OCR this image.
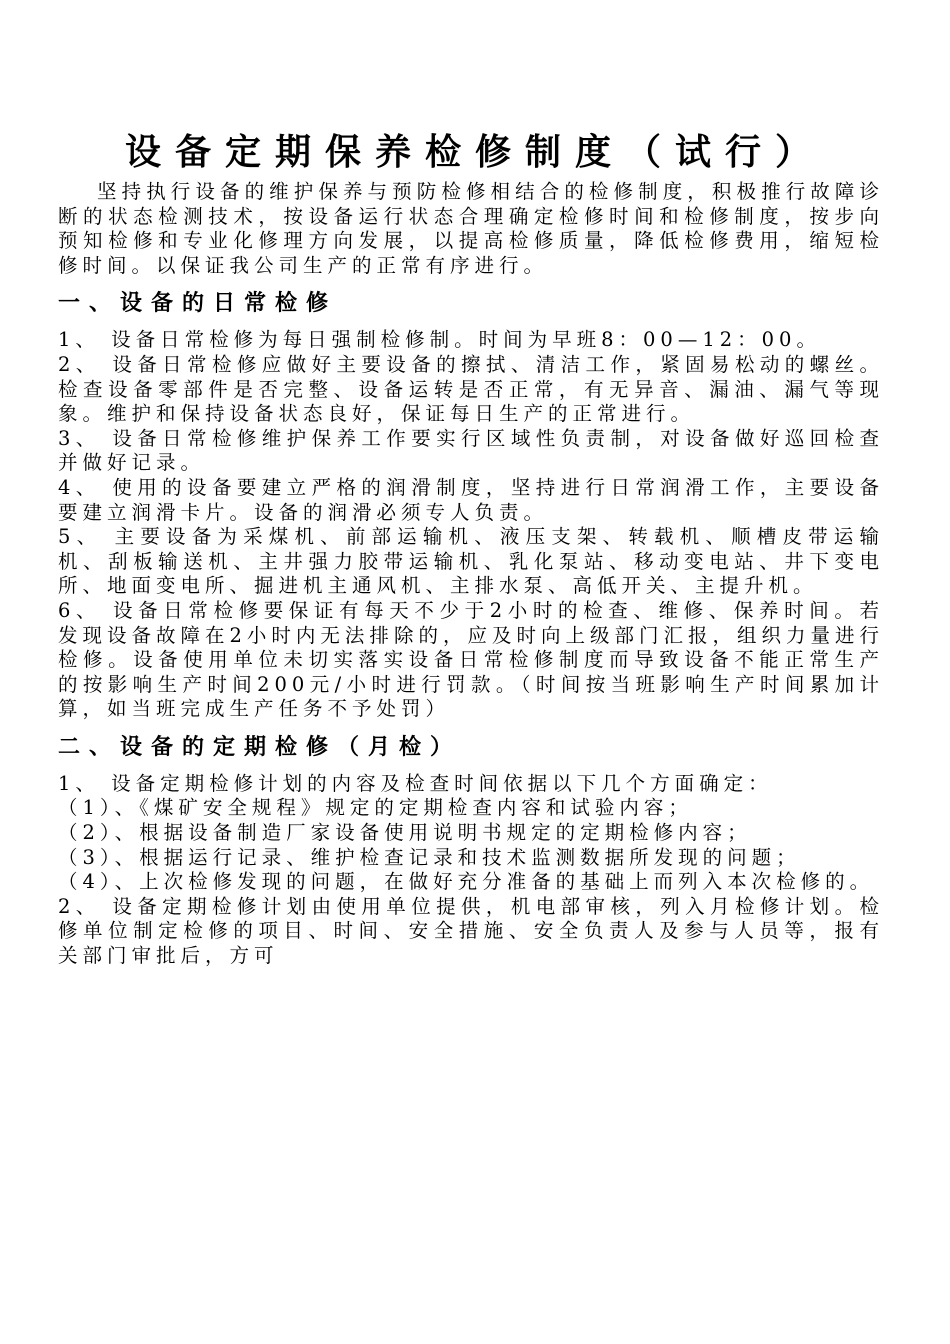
设备定期保养检修制度（试行）

坚持执行设备的维护保养与预防检修相结合的检修制度，积极推行故障诊断的状态检测技术，按设备运行状态合理确定检修时间和检修制度，按步向预知检修和专业化修理方向发展，以提高检修质量，降低检修费用，缩短检修时间。以保证我公司生产的正常有序进行。

一、设备的日常检修

1、 设备日常检修为每日强制检修制。时间为早班8：00—12：00。

2、 设备日常检修应做好主要设备的擦拭、清洁工作，紧固易松动的螺丝。检查设备零部件是否完整、设备运转是否正常，有无异音、漏油、漏气等现象。维护和保持设备状态良好，保证每日生产的正常进行。

3、 设备日常检修维护保养工作要实行区域性负责制，对设备做好巡回检查并做好记录。

4、 使用的设备要建立严格的润滑制度，坚持进行日常润滑工作，主要设备要建立润滑卡片。设备的润滑必须专人负责。

5、 主要设备为采煤机、前部运输机、液压支架、转载机、顺槽皮带运输机、刮板输送机、主井强力胶带运输机、乳化泵站、移动变电站、井下变电所、地面变电所、掘进机主通风机、主排水泵、高低开关、主提升机。

6、 设备日常检修要保证有每天不少于2小时的检查、维修、保养时间。若发现设备故障在2小时内无法排除的，应及时向上级部门汇报，组织力量进行检修。设备使用单位未切实落实设备日常检修制度而导致设备不能正常生产的按影响生产时间200元/小时进行罚款。（时间按当班影响生产时间累加计算，如当班完成生产任务不予处罚）

二、设备的定期检修（月检）

1、 设备定期检修计划的内容及检查时间依据以下几个方面确定：

（1）、《煤矿安全规程》规定的定期检查内容和试验内容；

（2）、根据设备制造厂家设备使用说明书规定的定期检修内容；

（3）、根据运行记录、维护检查记录和技术监测数据所发现的问题；

（4）、上次检修发现的问题，在做好充分准备的基础上而列入本次检修的。

2、 设备定期检修计划由使用单位提供，机电部审核，列入月检修计划。检修单位制定检修的项目、时间、安全措施、安全负责人及参与人员等，报有关部门审批后，方可
